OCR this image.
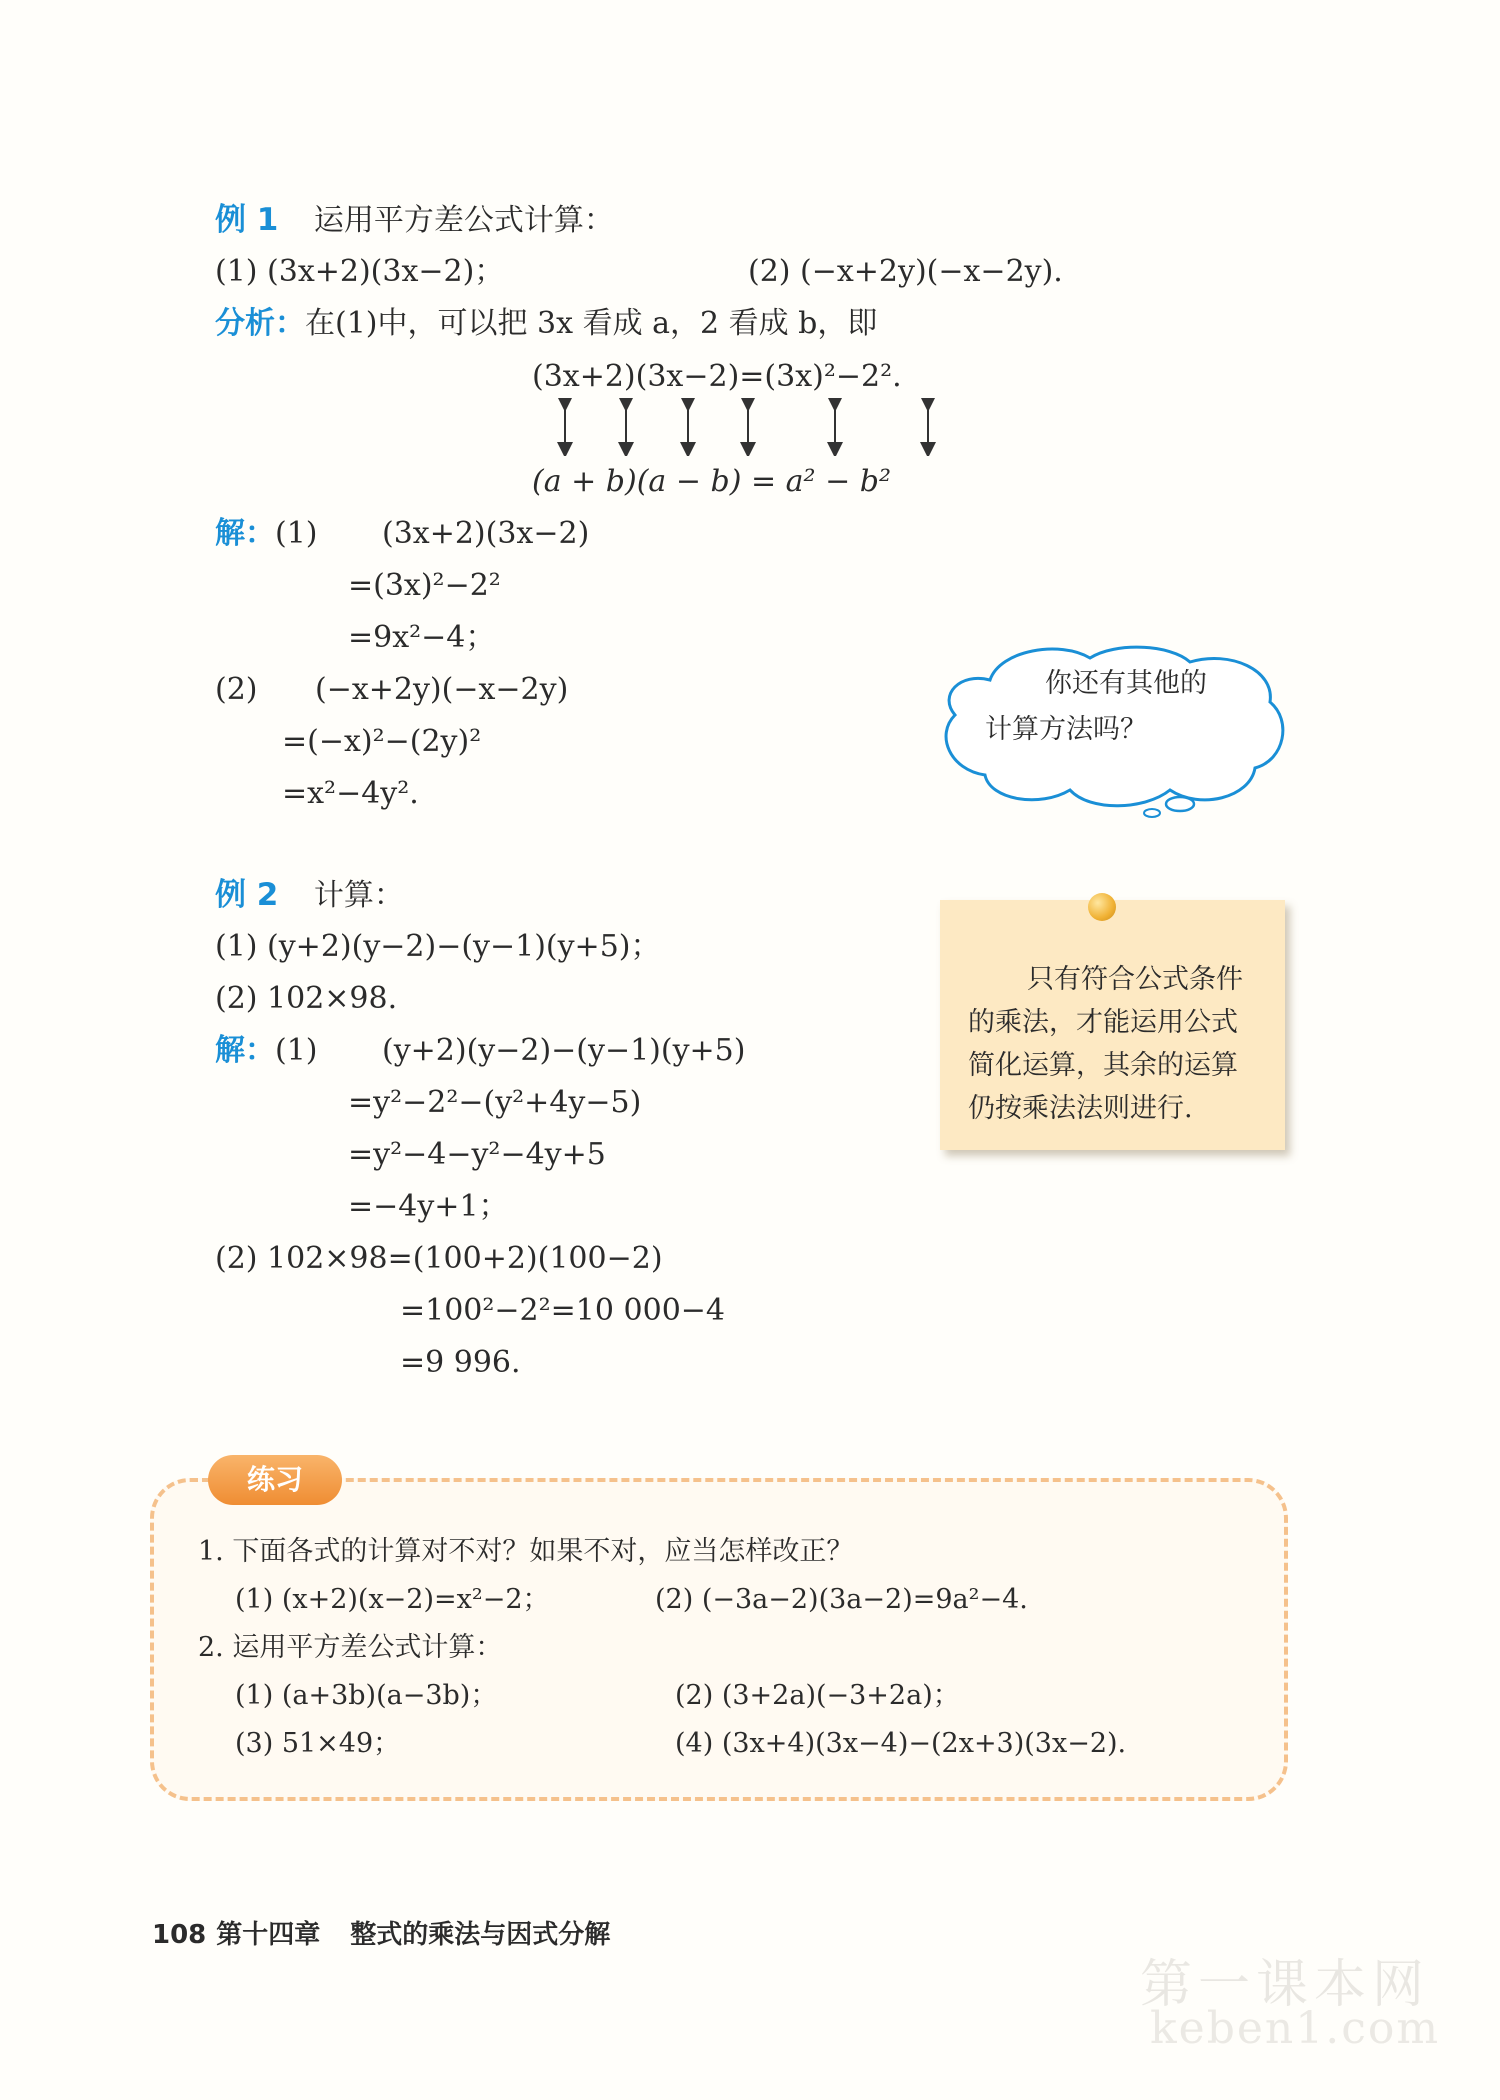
例 1 运用平方差公式计算：
(1) (3x+2)(3x−2)；	(2) (−x+2y)(−x−2y).
分析：在(1)中，可以把 3x 看成 a，2 看成 b，即
(3x+2)(3x−2)=(3x)²−2².
(a + b)(a − b) = a² − b²
解：(1) (3x+2)(3x−2)
=(3x)²−2²
=9x²−4；
(2) (−x+2y)(−x−2y)
=(−x)²−(2y)²
=x²−4y².
你还有其他的
计算方法吗？
例 2 计算：
(1) (y+2)(y−2)−(y−1)(y+5)；
(2) 102×98.
解：(1) (y+2)(y−2)−(y−1)(y+5)
=y²−2²−(y²+4y−5)
=y²−4−y²−4y+5
=−4y+1；
(2) 102×98=(100+2)(100−2)
=100²−2²=10 000−4
=9 996.
只有符合公式条件
的乘法，才能运用公式
简化运算，其余的运算
仍按乘法法则进行.
练习
1. 下面各式的计算对不对？如果不对，应当怎样改正？
(1) (x+2)(x−2)=x²−2；	(2) (−3a−2)(3a−2)=9a²−4.
2. 运用平方差公式计算：
(1) (a+3b)(a−3b)；	(2) (3+2a)(−3+2a)；
(3) 51×49；	(4) (3x+4)(3x−4)−(2x+3)(3x−2).
108 第十四章 整式的乘法与因式分解
第一课本网
keben1.com
